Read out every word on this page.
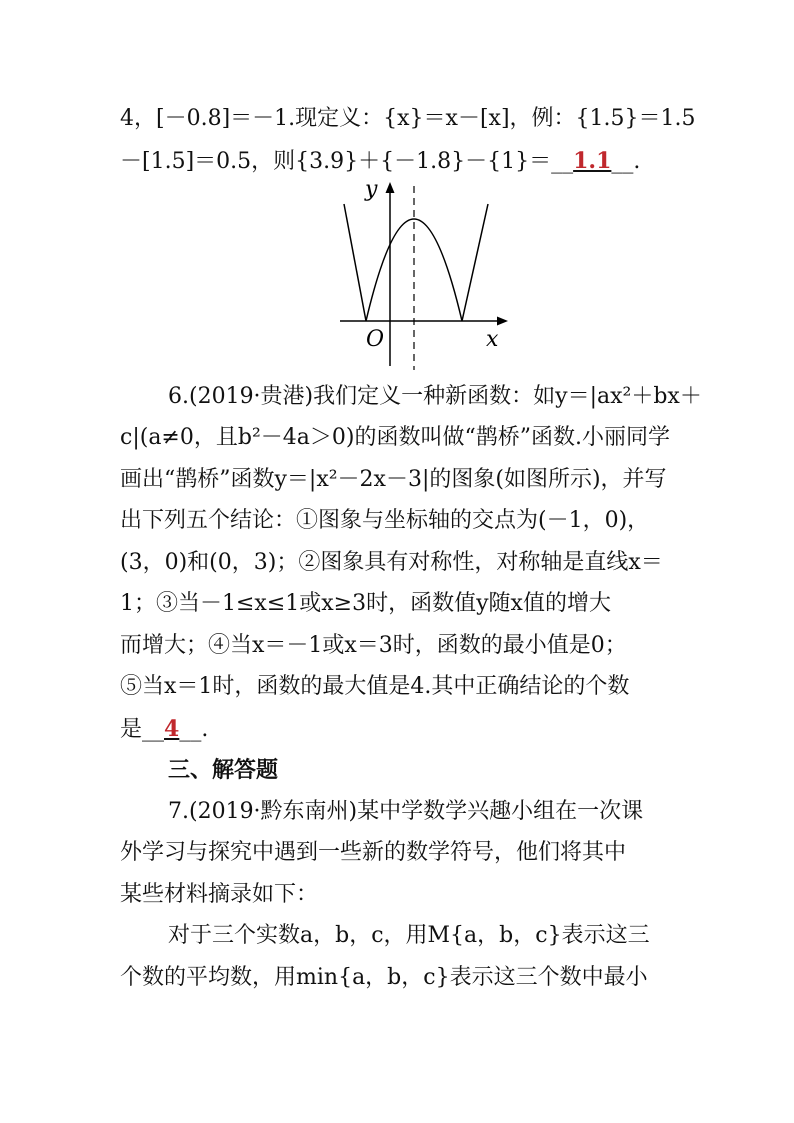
4，[－0.8]＝－1.现定义：{x}＝x－[x]，例：{1.5}＝1.5
－[1.5]＝0.5，则{3.9}＋{－1.8}－{1}＝__1.1__.
y
x
O
6.(2019·贵港)我们定义一种新函数：如y＝|ax²＋bx＋
c|(a≠0，且b²－4a＞0)的函数叫做“鹊桥”函数.小丽同学
画出“鹊桥”函数y＝|x²－2x－3|的图象(如图所示)，并写
出下列五个结论：①图象与坐标轴的交点为(－1，0)，
(3，0)和(0，3)；②图象具有对称性，对称轴是直线x＝
1；③当－1≤x≤1或x≥3时，函数值y随x值的增大
而增大；④当x＝－1或x＝3时，函数的最小值是0；
⑤当x＝1时，函数的最大值是4.其中正确结论的个数
是__4__.
三、解答题
7.(2019·黔东南州)某中学数学兴趣小组在一次课
外学习与探究中遇到一些新的数学符号，他们将其中
某些材料摘录如下：
对于三个实数a，b，c，用M{a，b，c}表示这三
个数的平均数，用min{a，b，c}表示这三个数中最小
